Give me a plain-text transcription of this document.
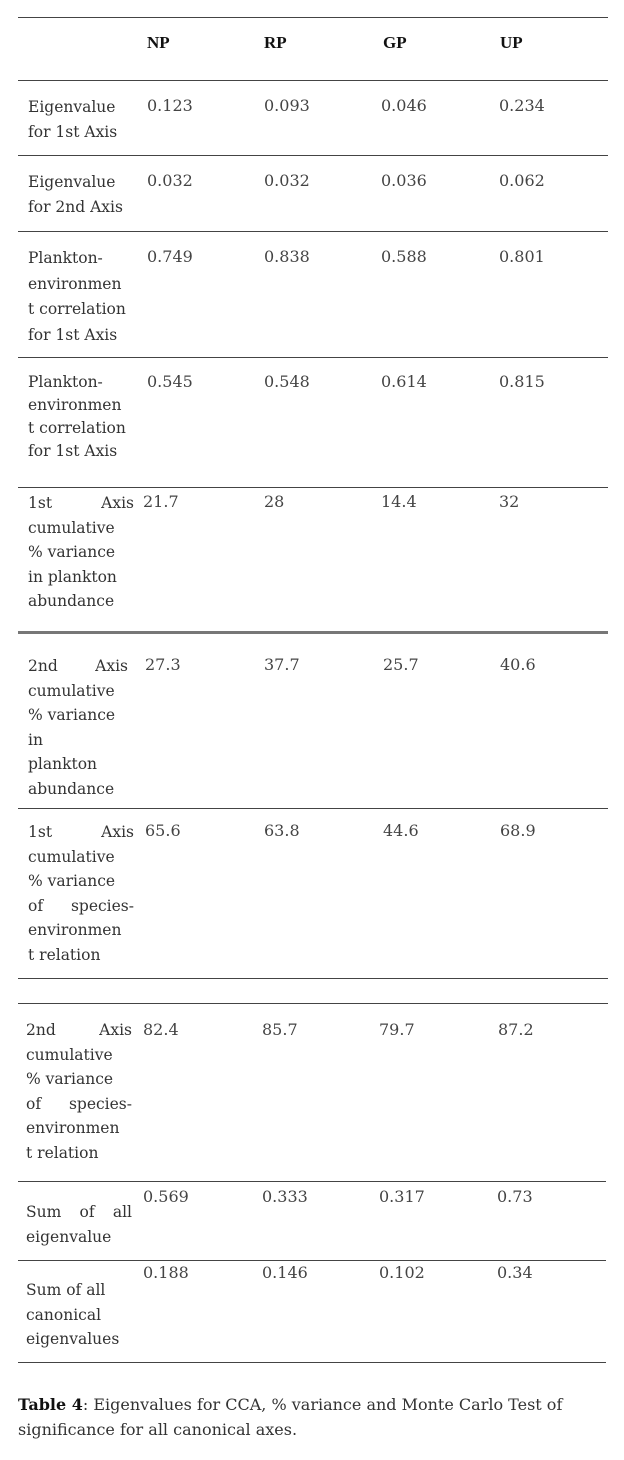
NP	RP	GP	UP
Eigenvalue
for 1st Axis
0.123	0.093	0.046	0.234
Eigenvalue
for 2nd Axis
0.032	0.032	0.036	0.062
Plankton-
environmen
t correlation
for 1st Axis
0.749	0.838	0.588	0.801
Plankton-
environmen
t correlation
for 1st Axis
0.545	0.548	0.614	0.815
1st	Axis
cumulative
% variance
in plankton
abundance
21.7	28	14.4	32
2nd Axis
cumulative
% variance
in
plankton
abundance
27.3	37.7	25.7	40.6
1st	Axis
cumulative
% variance
of species-
environmen
t relation
65.6	63.8	44.6	68.9
2nd	Axis
cumulative
% variance
of species-
environmen
t relation
82.4	85.7	79.7	87.2
Sum of all
eigenvalue
0.569	0.333	0.317	0.73
Sum of all
canonical
eigenvalues
0.188	0.146	0.102	0.34
Table 4: Eigenvalues for CCA, % variance and Monte Carlo Test of significance for all canonical axes.
